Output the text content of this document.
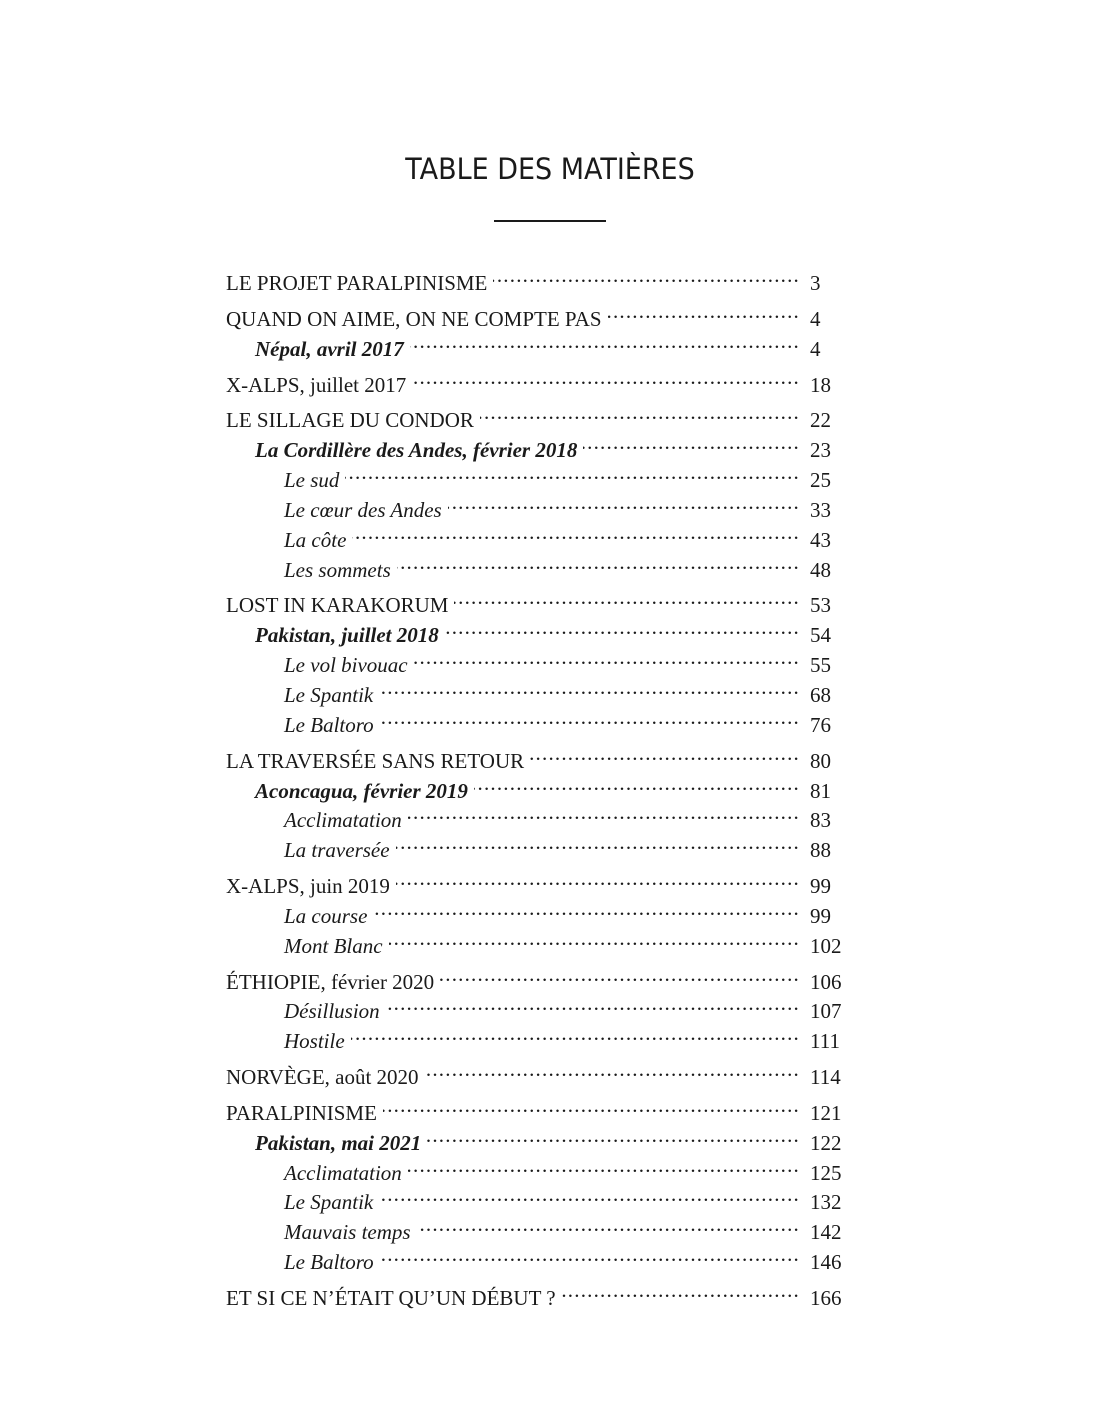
TABLE DES MATIÈRES
LE PROJET PARALPINISME .....	3
QUAND ON AIME, ON NE COMPTE PAS .....	4
Népal, avril 2017 .....	4
X-ALPS, juillet 2017 .....	18
LE SILLAGE DU CONDOR .....	22
La Cordillère des Andes, février 2018 .....	23
Le sud .....	25
Le cœur des Andes .....	33
La côte .....	43
Les sommets .....	48
LOST IN KARAKORUM .....	53
Pakistan, juillet 2018 .....	54
Le vol bivouac .....	55
Le Spantik .....	68
Le Baltoro .....	76
LA TRAVERSÉE SANS RETOUR .....	80
Aconcagua, février 2019 .....	81
Acclimatation .....	83
La traversée .....	88
X-ALPS, juin 2019 .....	99
La course .....	99
Mont Blanc .....	102
ÉTHIOPIE, février 2020 .....	106
Désillusion .....	107
Hostile .....	111
NORVÈGE, août 2020 .....	114
PARALPINISME .....	121
Pakistan, mai 2021 .....	122
Acclimatation .....	125
Le Spantik .....	132
Mauvais temps .....	142
Le Baltoro .....	146
ET SI CE N’ÉTAIT QU’UN DÉBUT ? .....	166
